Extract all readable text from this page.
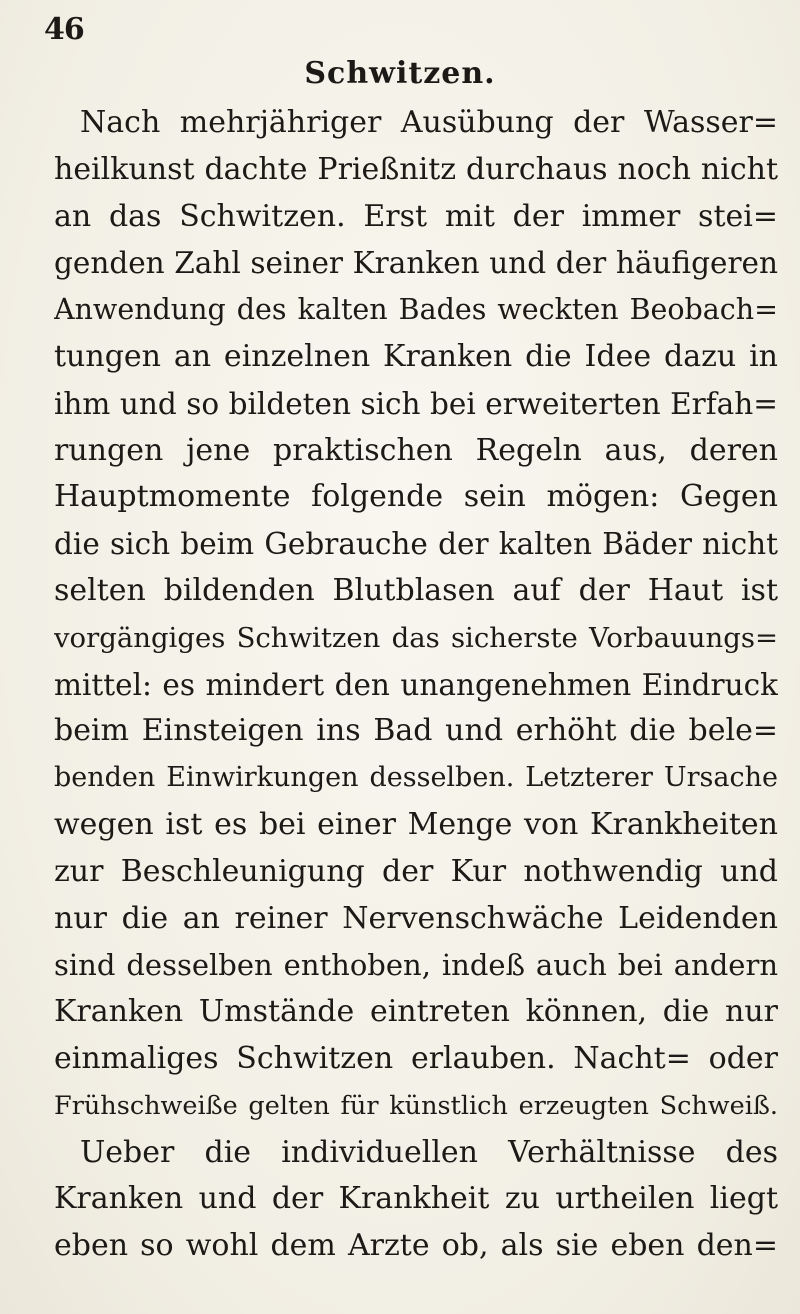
46
Schwitzen.
Nach mehrjähriger Ausübung der Wasser=
heilkunst dachte Prießnitz durchaus noch nicht
an das Schwitzen. Erst mit der immer stei=
genden Zahl seiner Kranken und der häufigeren
Anwendung des kalten Bades weckten Beobach=
tungen an einzelnen Kranken die Idee dazu in
ihm und so bildeten sich bei erweiterten Erfah=
rungen jene praktischen Regeln aus, deren
Hauptmomente folgende sein mögen: Gegen
die sich beim Gebrauche der kalten Bäder nicht
selten bildenden Blutblasen auf der Haut ist
vorgängiges Schwitzen das sicherste Vorbauungs=
mittel: es mindert den unangenehmen Eindruck
beim Einsteigen ins Bad und erhöht die bele=
benden Einwirkungen desselben. Letzterer Ursache
wegen ist es bei einer Menge von Krankheiten
zur Beschleunigung der Kur nothwendig und
nur die an reiner Nervenschwäche Leidenden
sind desselben enthoben, indeß auch bei andern
Kranken Umstände eintreten können, die nur
einmaliges Schwitzen erlauben. Nacht= oder
Frühschweiße gelten für künstlich erzeugten Schweiß.
Ueber die individuellen Verhältnisse des
Kranken und der Krankheit zu urtheilen liegt
eben so wohl dem Arzte ob, als sie eben den=
